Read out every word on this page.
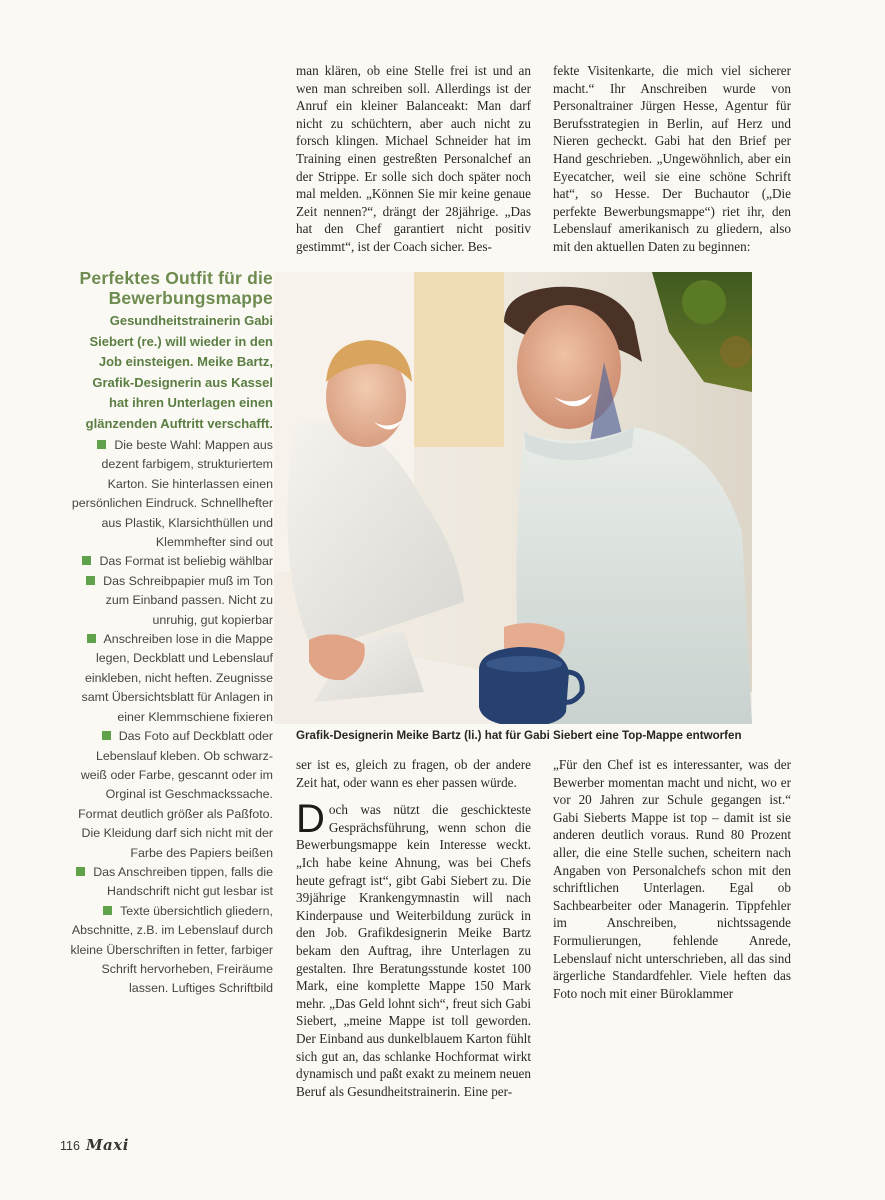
man klären, ob eine Stelle frei ist und an wen man schreiben soll. Allerdings ist der Anruf ein kleiner Balanceakt: Man darf nicht zu schüchtern, aber auch nicht zu forsch klingen. Michael Schneider hat im Training einen gestreßten Personalchef an der Strippe. Er solle sich doch später noch mal melden. „Können Sie mir keine genaue Zeit nennen?“, drängt der 28jährige. „Das hat den Chef garantiert nicht positiv gestimmt“, ist der Coach sicher. Bes-

fekte Visitenkarte, die mich viel sicherer macht.“ Ihr Anschreiben wurde von Personaltrainer Jürgen Hesse, Agentur für Berufsstrategien in Berlin, auf Herz und Nieren gecheckt. Gabi hat den Brief per Hand geschrieben. „Ungewöhnlich, aber ein Eyecatcher, weil sie eine schöne Schrift hat“, so Hesse. Der Buchautor („Die perfekte Bewerbungsmappe“) riet ihr, den Lebenslauf amerikanisch zu gliedern, also mit den aktuellen Daten zu beginnen:

Perfektes Outfit für die Bewerbungsmappe

Gesundheitstrainerin Gabi Siebert (re.) will wieder in den Job einsteigen. Meike Bartz, Grafik-Designerin aus Kassel hat ihren Unterlagen einen glänzenden Auftritt verschafft.

Die beste Wahl: Mappen aus dezent farbigem, strukturiertem Karton. Sie hinterlassen einen persönlichen Eindruck. Schnellhefter aus Plastik, Klarsichthüllen und Klemmhefter sind out
Das Format ist beliebig wählbar
Das Schreibpapier muß im Ton zum Einband passen. Nicht zu unruhig, gut kopierbar
Anschreiben lose in die Mappe legen, Deckblatt und Lebenslauf einkleben, nicht heften. Zeugnisse samt Übersichtsblatt für Anlagen in einer Klemmschiene fixieren
Das Foto auf Deckblatt oder Lebenslauf kleben. Ob schwarz-weiß oder Farbe, gescannt oder im Orginal ist Geschmackssache. Format deutlich größer als Paßfoto. Die Kleidung darf sich nicht mit der Farbe des Papiers beißen
Das Anschreiben tippen, falls die Handschrift nicht gut lesbar ist
Texte übersichtlich gliedern, Abschnitte, z.B. im Lebenslauf durch kleine Überschriften in fetter, farbiger Schrift hervorheben, Freiräume lassen. Luftiges Schriftbild
Grafik-Designerin Meike Bartz (li.) hat für Gabi Siebert eine Top-Mappe entworfen

ser ist es, gleich zu fragen, ob der andere Zeit hat, oder wann es eher passen würde.

Doch was nützt die geschickteste Gesprächsführung, wenn schon die Bewerbungsmappe kein Interesse weckt. „Ich habe keine Ahnung, was bei Chefs heute gefragt ist“, gibt Gabi Siebert zu. Die 39jährige Krankengymnastin will nach Kinderpause und Weiterbildung zurück in den Job. Grafikdesignerin Meike Bartz bekam den Auftrag, ihre Unterlagen zu gestalten. Ihre Beratungsstunde kostet 100 Mark, eine komplette Mappe 150 Mark mehr. „Das Geld lohnt sich“, freut sich Gabi Siebert, „meine Mappe ist toll geworden. Der Einband aus dunkelblauem Karton fühlt sich gut an, das schlanke Hochformat wirkt dynamisch und paßt exakt zu meinem neuen Beruf als Gesundheitstrainerin. Eine per-

„Für den Chef ist es interessanter, was der Bewerber momentan macht und nicht, wo er vor 20 Jahren zur Schule gegangen ist.“ Gabi Sieberts Mappe ist top – damit ist sie anderen deutlich voraus. Rund 80 Prozent aller, die eine Stelle suchen, scheitern nach Angaben von Personalchefs schon mit den schriftlichen Unterlagen. Egal ob Sachbearbeiter oder Managerin. Tippfehler im Anschreiben, nichtssagende Formulierungen, fehlende Anrede, Lebenslauf nicht unterschrieben, all das sind ärgerliche Standardfehler. Viele heften das Foto noch mit einer Büroklammer

116 Maxi
